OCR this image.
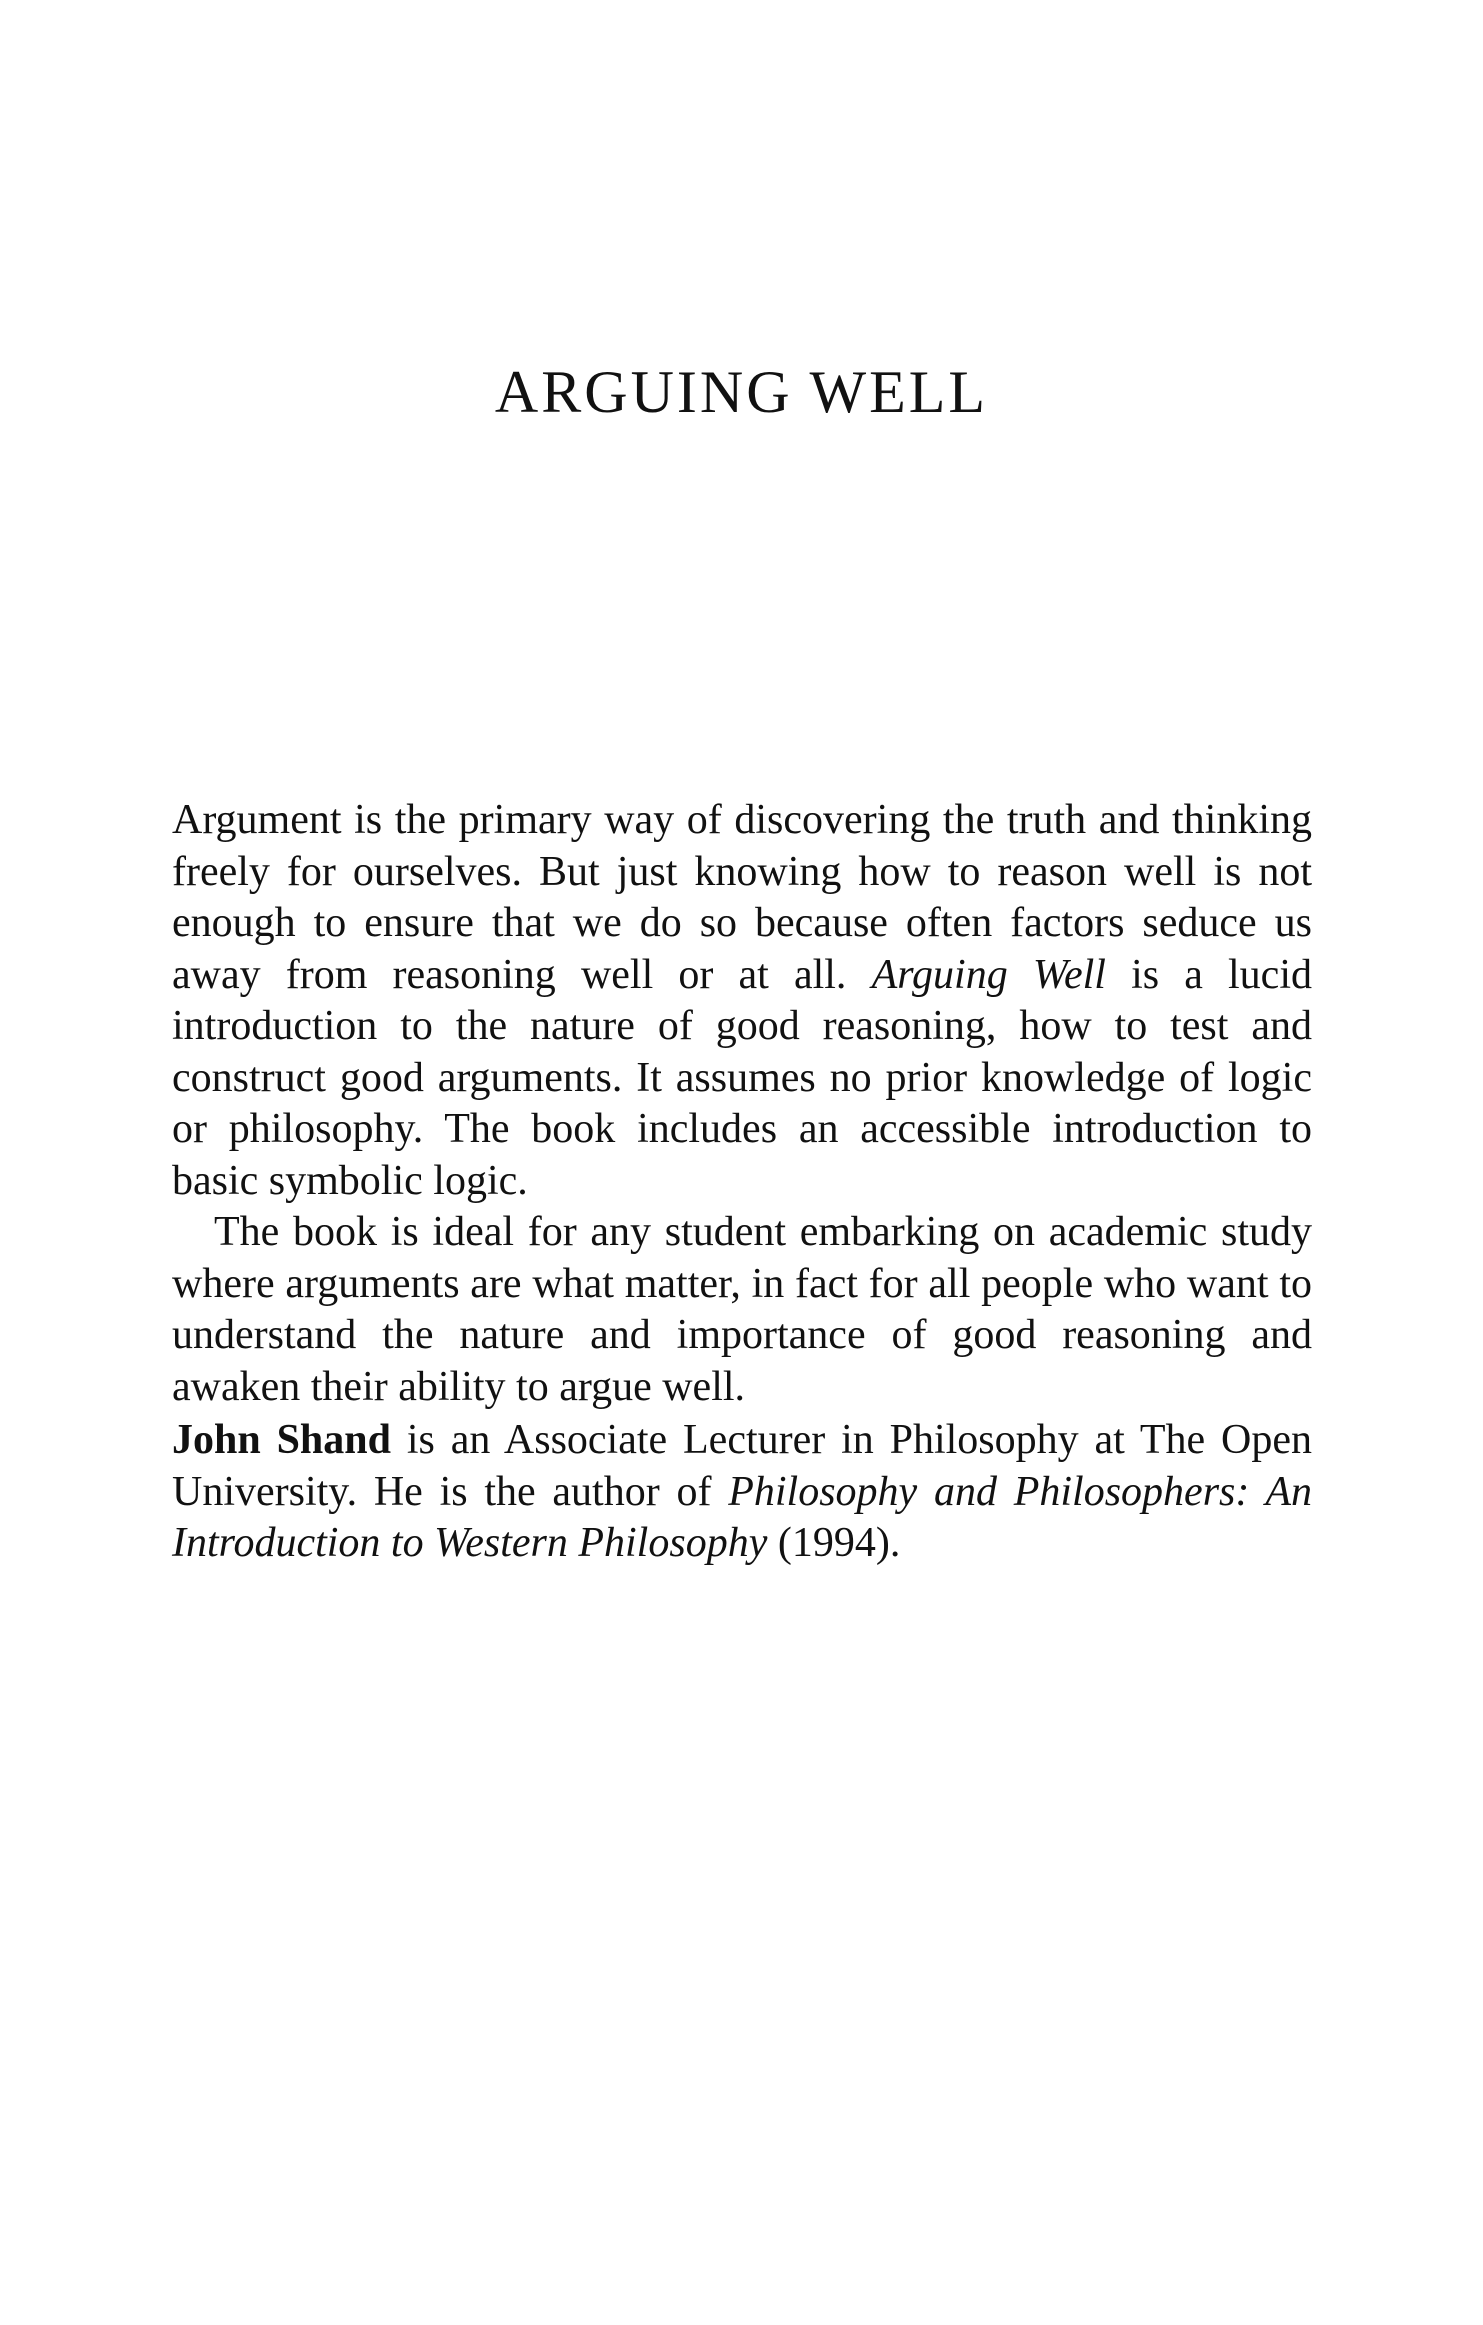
ARGUING WELL

Argument is the primary way of discovering the truth and thinking freely for ourselves. But just knowing how to reason well is not enough to ensure that we do so because often factors seduce us away from reasoning well or at all. Arguing Well is a lucid introduction to the nature of good reasoning, how to test and construct good arguments. It assumes no prior knowledge of logic or philosophy. The book includes an accessible introduction to basic symbolic logic.

The book is ideal for any student embarking on academic study where arguments are what matter, in fact for all people who want to understand the nature and importance of good reasoning and awaken their ability to argue well.

John Shand is an Associate Lecturer in Philosophy at The Open University. He is the author of Philosophy and Philosophers: An Introduction to Western Philosophy (1994).
